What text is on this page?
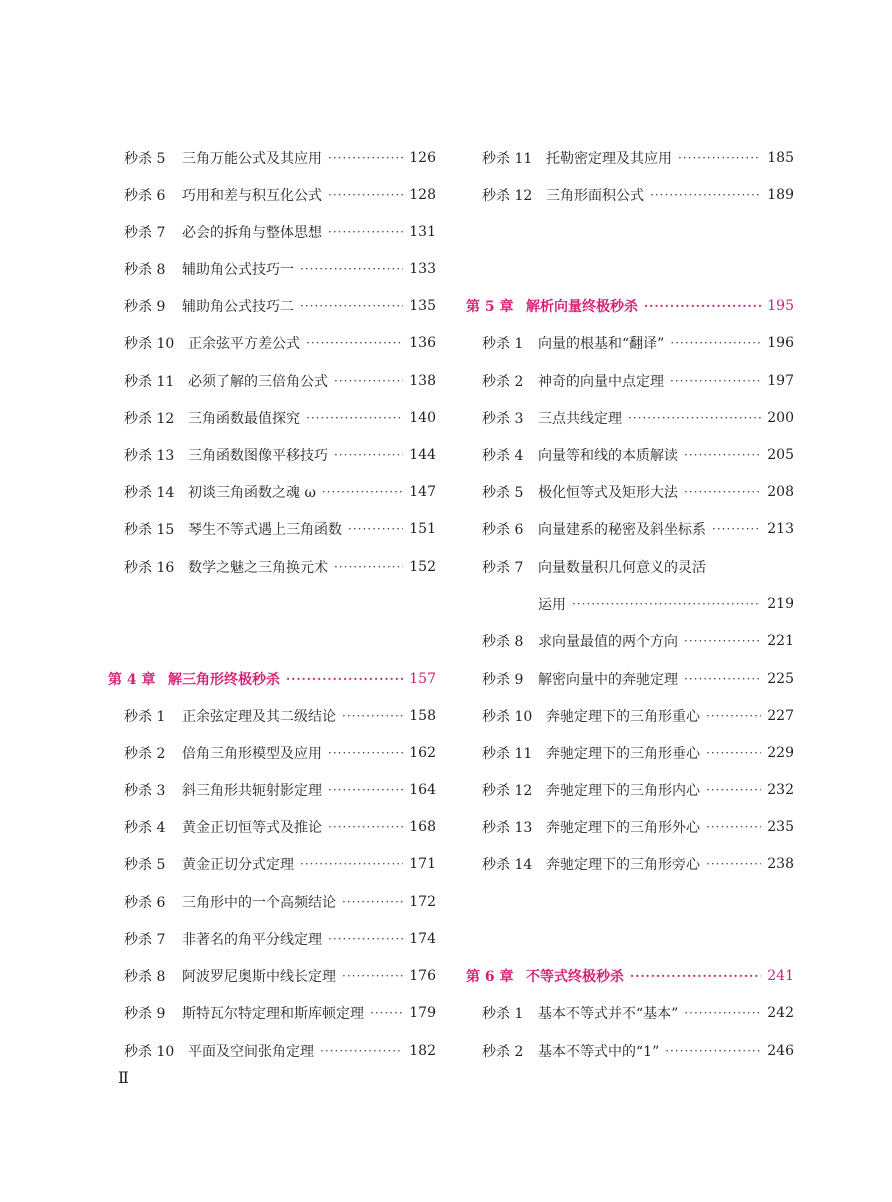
秒杀 5	三角万能公式及其应用 ·····	126
秒杀 6	巧用和差与积互化公式 ·····	128
秒杀 7	必会的拆角与整体思想 ·····	131
秒杀 8	辅助角公式技巧一 ·····	133
秒杀 9	辅助角公式技巧二 ·····	135
秒杀 10 正余弦平方差公式 ·····	136
秒杀 11 必须了解的三倍角公式 ·····	138
秒杀 12 三角函数最值探究 ·····	140
秒杀 13 三角函数图像平移技巧 ·····	144
秒杀 14 初谈三角函数之魂 ω ·····	147
秒杀 15 琴生不等式遇上三角函数 ·····	151
秒杀 16 数学之魅之三角换元术 ·····	152
第 4 章 解三角形终极秒杀 ·····	157
秒杀 1	正余弦定理及其二级结论 ·····	158
秒杀 2	倍角三角形模型及应用 ·····	162
秒杀 3	斜三角形共轭射影定理 ·····	164
秒杀 4	黄金正切恒等式及推论 ·····	168
秒杀 5	黄金正切分式定理 ·····	171
秒杀 6	三角形中的一个高频结论 ·····	172
秒杀 7	非著名的角平分线定理 ·····	174
秒杀 8	阿波罗尼奥斯中线长定理 ·····	176
秒杀 9	斯特瓦尔特定理和斯库顿定理 ·····	179
秒杀 10 平面及空间张角定理 ·····	182
秒杀 11 托勒密定理及其应用 ·····	185
秒杀 12 三角形面积公式 ·····	189
第 5 章 解析向量终极秒杀 ·····	195
秒杀 1	向量的根基和“翻译” ·····	196
秒杀 2	神奇的向量中点定理 ·····	197
秒杀 3	三点共线定理 ·····	200
秒杀 4	向量等和线的本质解读 ·····	205
秒杀 5	极化恒等式及矩形大法 ·····	208
秒杀 6	向量建系的秘密及斜坐标系 ·····	213
秒杀 7	向量数量积几何意义的灵活
运用 ·····	219
秒杀 8	求向量最值的两个方向 ·····	221
秒杀 9	解密向量中的奔驰定理 ·····	225
秒杀 10 奔驰定理下的三角形重心 ·····	227
秒杀 11 奔驰定理下的三角形垂心 ·····	229
秒杀 12 奔驰定理下的三角形内心 ·····	232
秒杀 13 奔驰定理下的三角形外心 ·····	235
秒杀 14 奔驰定理下的三角形旁心 ·····	238
第 6 章 不等式终极秒杀 ·····	241
秒杀 1	基本不等式并不“基本” ·····	242
秒杀 2	基本不等式中的“1” ·····	246
Ⅱ
